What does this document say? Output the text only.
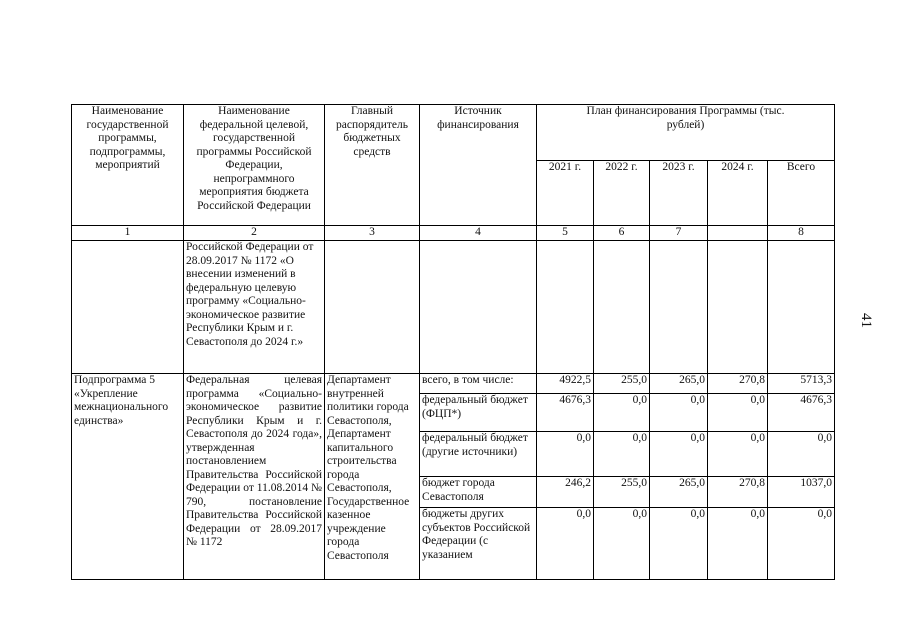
41
Наименование государственной программы, подпрограммы, мероприятий	Наименование федеральной целевой, государственной программы Российской Федерации, непрограммного мероприятия бюджета Российской Федерации	Главный распорядитель бюджетных средств	Источник финансирования	План финансирования Программы (тыс. рублей)				
				2021 г.	2022 г.	2023 г.	2024 г.	Всего
1	2	3	4	5	6	7		8
	Российской Федерации от 28.09.2017 № 1172 «О внесении изменений в федеральную целевую программу «Социально-экономическое развитие Республики Крым и г. Севастополя до 2024 г.»							
Подпрограмма 5 «Укрепление межнационального единства»	Федеральная целевая программа «Социально-экономическое развитие Республики Крым и г. Севастополя до 2024 года», утвержденная постановлением Правительства Российской Федерации от 11.08.2014 № 790, постановление Правительства Российской Федерации от 28.09.2017 № 1172	Департамент внутренней политики города Севастополя, Департамент капитального строительства города Севастополя, Государственное казенное учреждение города Севастополя	всего, в том числе:	4922,5	255,0	265,0	270,8	5713,3
			федеральный бюджет (ФЦП*)	4676,3	0,0	0,0	0,0	4676,3
			федеральный бюджет (другие источники)	0,0	0,0	0,0	0,0	0,0
			бюджет города Севастополя	246,2	255,0	265,0	270,8	1037,0
			бюджеты других субъектов Российской Федерации (с указанием	0,0	0,0	0,0	0,0	0,0
